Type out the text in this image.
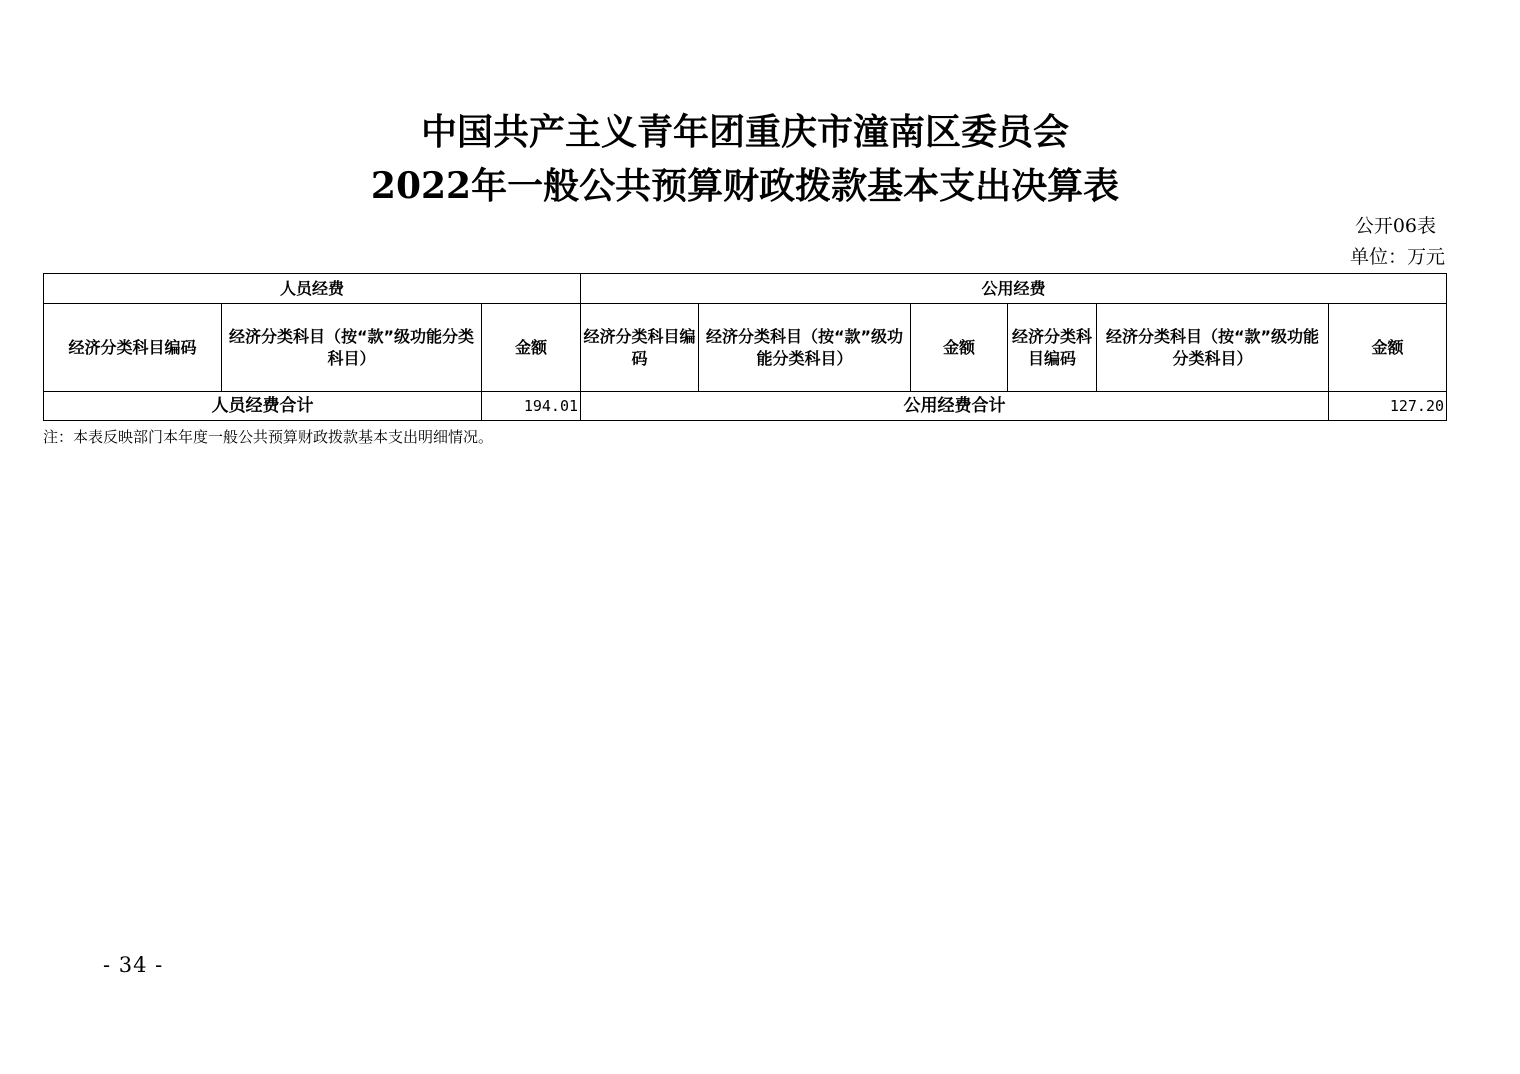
中国共产主义青年团重庆市潼南区委员会
2022年一般公共预算财政拨款基本支出决算表
公开06表
单位：万元
人员经费			公用经费					
经济分类科目编码	经济分类科目（按“款”级功能分类科目）	金额	经济分类科目编码	经济分类科目（按“款”级功能分类科目）	金额	经济分类科目编码	经济分类科目（按“款”级功能分类科目）	金额
人员经费合计		194.01	公用经费合计					127.20
注：本表反映部门本年度一般公共预算财政拨款基本支出明细情况。
- 34 -
